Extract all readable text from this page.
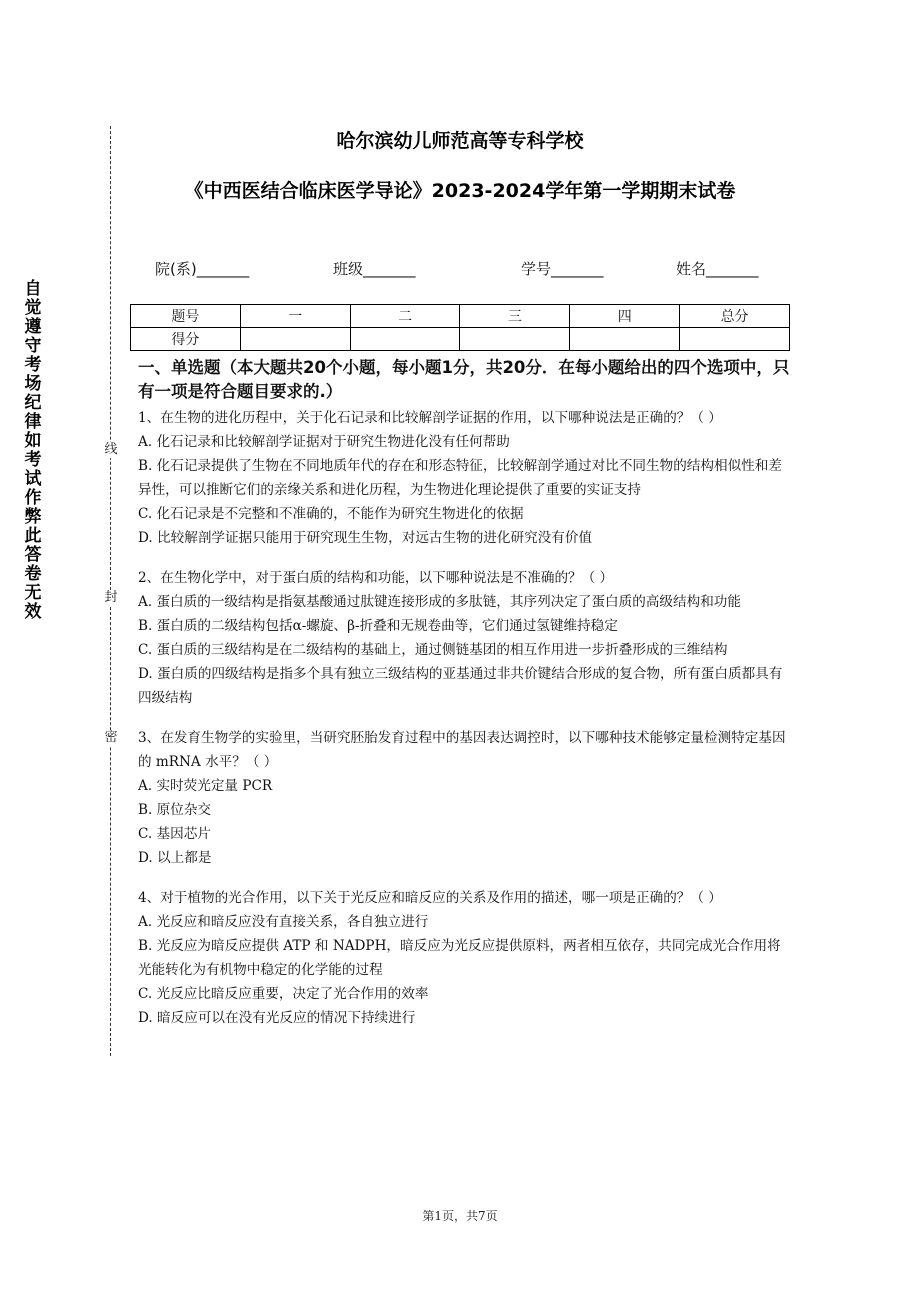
自觉遵守考场纪律如考试作弊此答卷无效
线
封
密
哈尔滨幼儿师范高等专科学校
《中西医结合临床医学导论》2023-2024学年第一学期期末试卷
院(系)_______	班级_______	学号_______	姓名_______
题号	一	二	三	四	总分
得分					
一、单选题（本大题共20个小题，每小题1分，共20分．在每小题给出的四个选项中，只有一项是符合题目要求的.）

1、在生物的进化历程中，关于化石记录和比较解剖学证据的作用，以下哪种说法是正确的？（ ）

A. 化石记录和比较解剖学证据对于研究生物进化没有任何帮助

B. 化石记录提供了生物在不同地质年代的存在和形态特征，比较解剖学通过对比不同生物的结构相似性和差异性，可以推断它们的亲缘关系和进化历程，为生物进化理论提供了重要的实证支持

C. 化石记录是不完整和不准确的，不能作为研究生物进化的依据

D. 比较解剖学证据只能用于研究现生生物，对远古生物的进化研究没有价值

2、在生物化学中，对于蛋白质的结构和功能，以下哪种说法是不准确的？（ ）

A. 蛋白质的一级结构是指氨基酸通过肽键连接形成的多肽链，其序列决定了蛋白质的高级结构和功能

B. 蛋白质的二级结构包括α-螺旋、β-折叠和无规卷曲等，它们通过氢键维持稳定

C. 蛋白质的三级结构是在二级结构的基础上，通过侧链基团的相互作用进一步折叠形成的三维结构

D. 蛋白质的四级结构是指多个具有独立三级结构的亚基通过非共价键结合形成的复合物，所有蛋白质都具有四级结构

3、在发育生物学的实验里，当研究胚胎发育过程中的基因表达调控时，以下哪种技术能够定量检测特定基因的 mRNA 水平？（ ）

A. 实时荧光定量 PCR

B. 原位杂交

C. 基因芯片

D. 以上都是

4、对于植物的光合作用，以下关于光反应和暗反应的关系及作用的描述，哪一项是正确的？（ ）

A. 光反应和暗反应没有直接关系，各自独立进行

B. 光反应为暗反应提供 ATP 和 NADPH，暗反应为光反应提供原料，两者相互依存，共同完成光合作用将光能转化为有机物中稳定的化学能的过程

C. 光反应比暗反应重要，决定了光合作用的效率

D. 暗反应可以在没有光反应的情况下持续进行

第1页，共7页
